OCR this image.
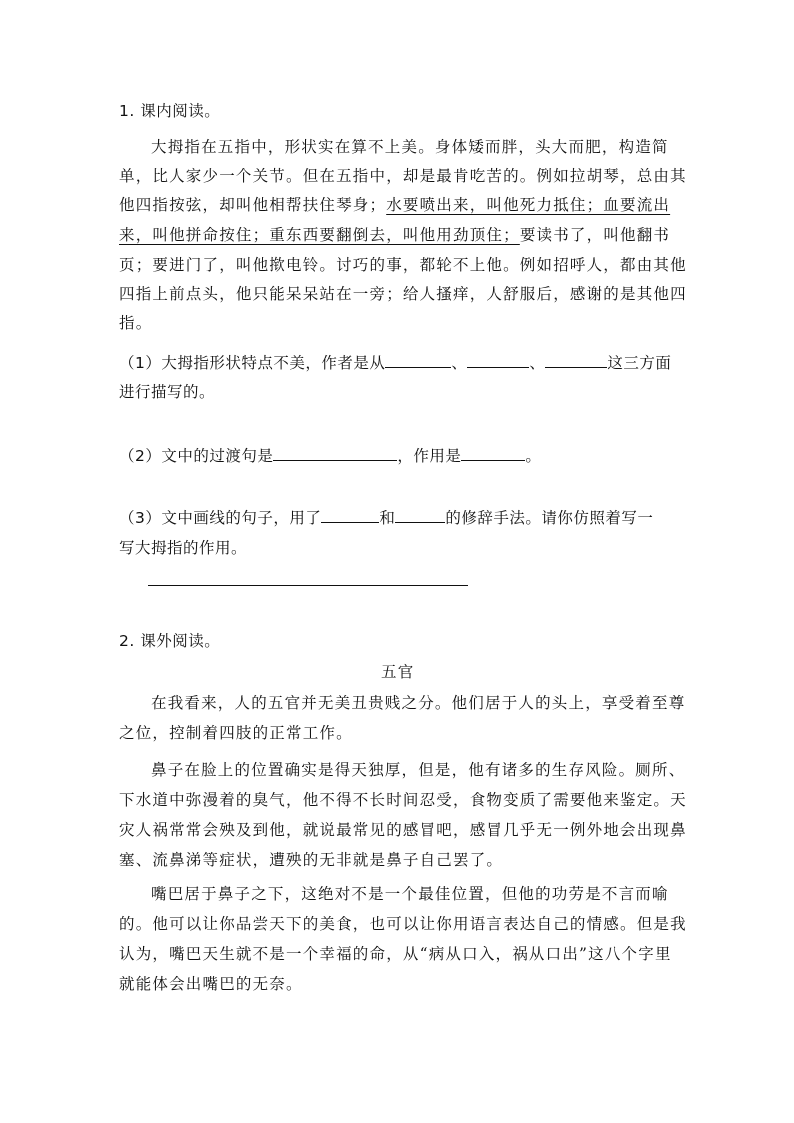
1. 课内阅读。
大拇指在五指中，形状实在算不上美。身体矮而胖，头大而肥，构造简
单，比人家少一个关节。但在五指中，却是最肯吃苦的。例如拉胡琴，总由其
他四指按弦，却叫他相帮扶住琴身；水要喷出来，叫他死力抵住；血要流出
来，叫他拼命按住；重东西要翻倒去，叫他用劲顶住；要读书了，叫他翻书
页；要进门了，叫他揿电铃。讨巧的事，都轮不上他。例如招呼人，都由其他
四指上前点头，他只能呆呆站在一旁；给人搔痒，人舒服后，感谢的是其他四
指。
（1）大拇指形状特点不美，作者是从	、	、	这三方面
进行描写的。
（2）文中的过渡句是	，作用是	。
（3）文中画线的句子，用了	和	的修辞手法。请你仿照着写一
写大拇指的作用。
2. 课外阅读。
五官
在我看来，人的五官并无美丑贵贱之分。他们居于人的头上，享受着至尊
之位，控制着四肢的正常工作。
鼻子在脸上的位置确实是得天独厚，但是，他有诸多的生存风险。厕所、
下水道中弥漫着的臭气，他不得不长时间忍受，食物变质了需要他来鉴定。天
灾人祸常常会殃及到他，就说最常见的感冒吧，感冒几乎无一例外地会出现鼻
塞、流鼻涕等症状，遭殃的无非就是鼻子自己罢了。
嘴巴居于鼻子之下，这绝对不是一个最佳位置，但他的功劳是不言而喻
的。他可以让你品尝天下的美食，也可以让你用语言表达自己的情感。但是我
认为，嘴巴天生就不是一个幸福的命，从“病从口入，祸从口出”这八个字里
就能体会出嘴巴的无奈。
